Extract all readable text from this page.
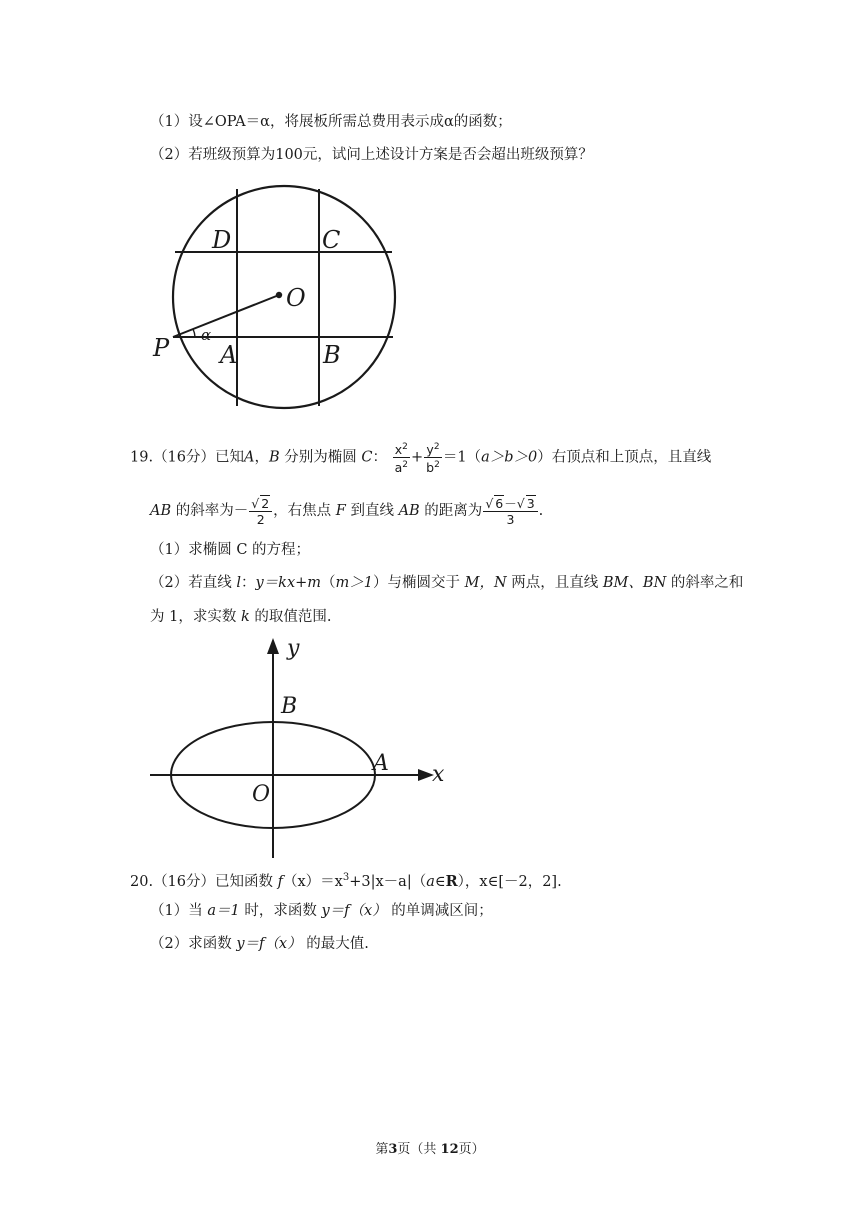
（1）设∠OPA＝α，将展板所需总费用表示成α的函数；
（2）若班级预算为100元，试问上述设计方案是否会超出班级预算？
D	C
O
P α
A	B
19.（16分）已知A，B 分别为椭圆 C： $\frac{x^2}{a^2} + \frac{y^2}{b^2} =1(a>b>0)$右顶点和上顶点，且直线
AB 的斜率为－ $\frac{√ 2}{2}$ ，右焦点 F 到直线 AB 的距离为 $\frac{√ 6-√ 3}{3}$ .
（1）求椭圆 C 的方程；
（2）若直线 l：y＝kx+m（m＞1）与椭圆交于 M，N 两点，且直线 BM、BN 的斜率之和
为 1，求实数 k 的取值范围.
y
B
A x
O
20.（16分）已知函数 $f(x)=x^3+3|x-a|(a\in R)$，x∈[－2，2].
（1）当 a＝1 时，求函数 y＝f（x） 的单调减区间；
（2）求函数 y＝f（x） 的最大值.
第3页（共 12页）
